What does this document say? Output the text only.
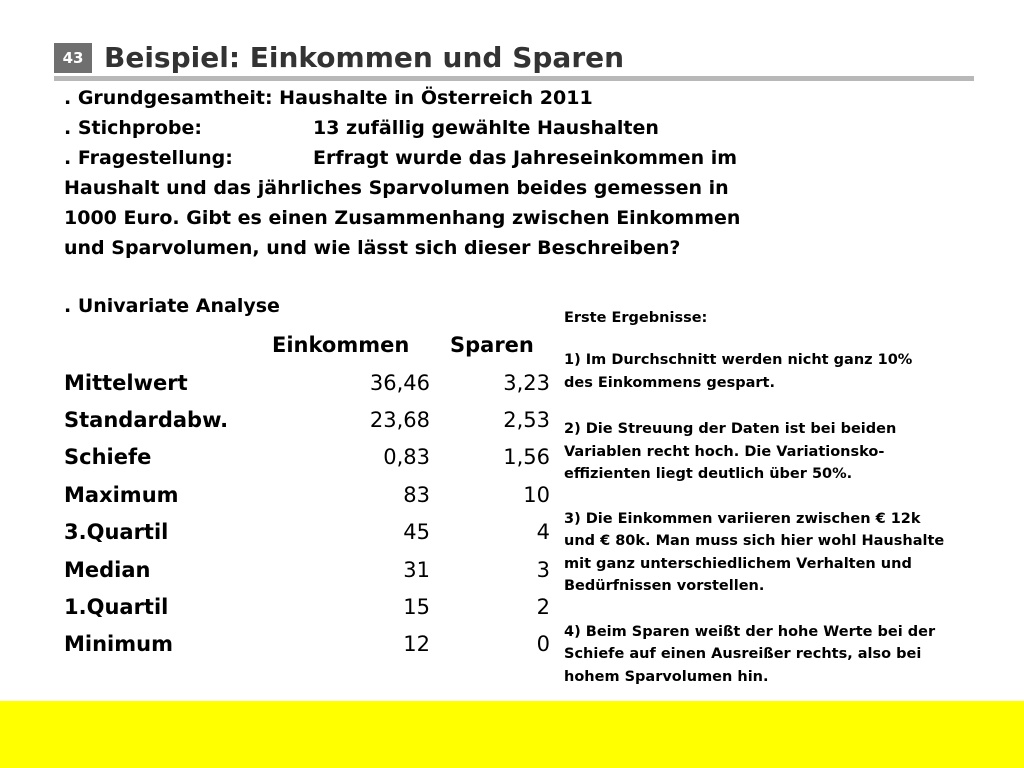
43 Beispiel: Einkommen und Sparen

. Grundgesamtheit: Haushalte in Österreich 2011

. Stichprobe:	13 zufällig gewählte Haushalten
. Fragestellung:	Erfragt wurde das Jahreseinkommen im

Haushalt und das jährliches Sparvolumen beides gemessen in

1000 Euro. Gibt es einen Zusammenhang zwischen Einkommen

und Sparvolumen, und wie lässt sich dieser Beschreiben?

. Univariate Analyse
Einkommen Sparen
Mittelwert	36,46	3,23
Standardabw.	23,68	2,53
Schiefe	0,83	1,56
Maximum	83	10
3.Quartil	45	4
Median	31	3
1.Quartil	15	2
Minimum	12	0

Erste Ergebnisse:

1) Im Durchschnitt werden nicht ganz 10%

des Einkommens gespart.

2) Die Streuung der Daten ist bei beiden

Variablen recht hoch. Die Variationsko-

effizienten liegt deutlich über 50%.

3) Die Einkommen variieren zwischen € 12k

und € 80k. Man muss sich hier wohl Haushalte

mit ganz unterschiedlichem Verhalten und

Bedürfnissen vorstellen.

4) Beim Sparen weißt der hohe Werte bei der

Schiefe auf einen Ausreißer rechts, also bei

hohem Sparvolumen hin.
